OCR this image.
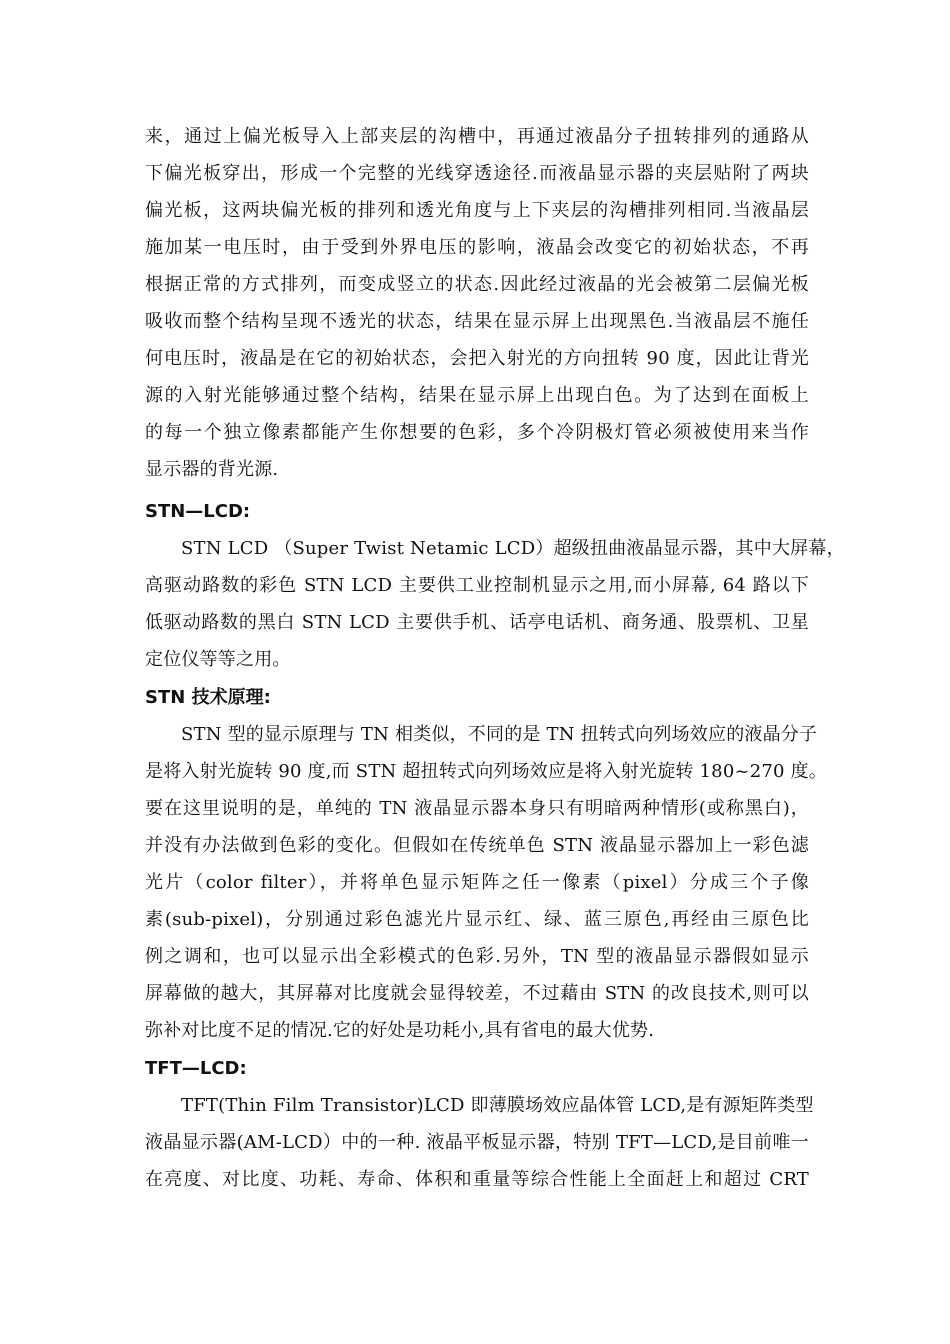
来，通过上偏光板导入上部夹层的沟槽中，再通过液晶分子扭转排列的通路从
下偏光板穿出，形成一个完整的光线穿透途径.而液晶显示器的夹层贴附了两块
偏光板，这两块偏光板的排列和透光角度与上下夹层的沟槽排列相同.当液晶层
施加某一电压时，由于受到外界电压的影响，液晶会改变它的初始状态，不再
根据正常的方式排列，而变成竖立的状态.因此经过液晶的光会被第二层偏光板
吸收而整个结构呈现不透光的状态，结果在显示屏上出现黑色.当液晶层不施任
何电压时，液晶是在它的初始状态，会把入射光的方向扭转 90 度，因此让背光
源的入射光能够通过整个结构，结果在显示屏上出现白色。为了达到在面板上
的每一个独立像素都能产生你想要的色彩，多个冷阴极灯管必须被使用来当作
显示器的背光源.
STN—LCD:
STN LCD （Super Twist Netamic LCD）超级扭曲液晶显示器，其中大屏幕，
高驱动路数的彩色 STN LCD 主要供工业控制机显示之用,而小屏幕, 64 路以下
低驱动路数的黑白 STN LCD 主要供手机、话亭电话机、商务通、股票机、卫星
定位仪等等之用。
STN 技术原理:
STN 型的显示原理与 TN 相类似，不同的是 TN 扭转式向列场效应的液晶分子
是将入射光旋转 90 度,而 STN 超扭转式向列场效应是将入射光旋转 180~270 度。
要在这里说明的是，单纯的 TN 液晶显示器本身只有明暗两种情形(或称黑白)，
并没有办法做到色彩的变化。但假如在传统单色 STN 液晶显示器加上一彩色滤
光片（color filter），并将单色显示矩阵之任一像素（pixel）分成三个子像
素(sub-pixel)，分别通过彩色滤光片显示红、绿、蓝三原色,再经由三原色比
例之调和，也可以显示出全彩模式的色彩.另外，TN 型的液晶显示器假如显示
屏幕做的越大，其屏幕对比度就会显得较差，不过藉由 STN 的改良技术,则可以
弥补对比度不足的情况.它的好处是功耗小,具有省电的最大优势.
TFT—LCD:
TFT(Thin Film Transistor)LCD 即薄膜场效应晶体管 LCD,是有源矩阵类型
液晶显示器(AM-LCD）中的一种. 液晶平板显示器，特别 TFT—LCD,是目前唯一
在亮度、对比度、功耗、寿命、体积和重量等综合性能上全面赶上和超过 CRT
